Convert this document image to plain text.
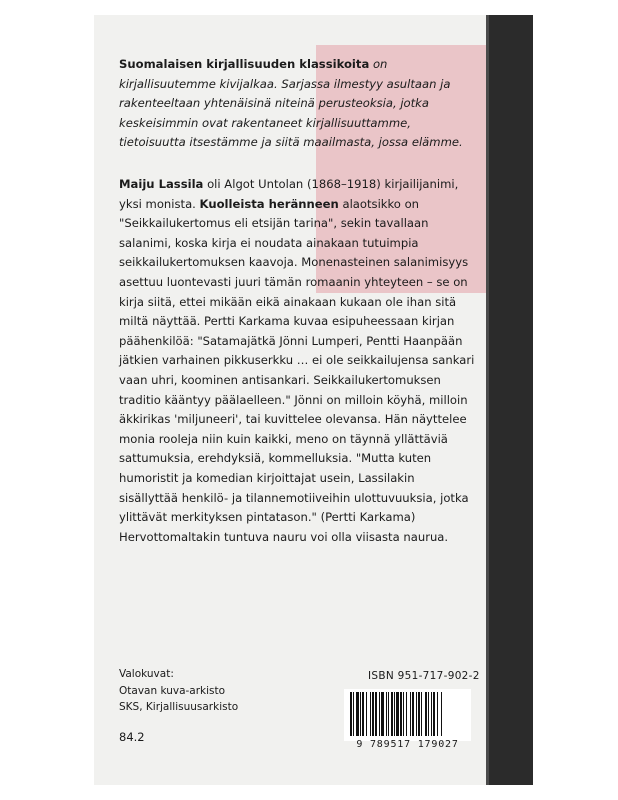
Suomalaisen kirjallisuuden klassikoita on kirjallisuutemme kivijalkaa. Sarjassa ilmestyy asultaan ja rakenteeltaan yhtenäisinä niteinä perusteoksia, jotka keskeisimmin ovat rakentaneet kirjallisuuttamme, tietoisuutta itsestämme ja siitä maailmasta, jossa elämme.

Maiju Lassila oli Algot Untolan (1868–1918) kirjailijanimi, yksi monista. Kuolleista heränneen alaotsikko on "Seikkailukertomus eli etsijän tarina", sekin tavallaan salanimi, koska kirja ei noudata ainakaan tutuimpia seikkailukertomuksen kaavoja. Monenasteinen salanimisyys asettuu luontevasti juuri tämän romaanin yhteyteen – se on kirja siitä, ettei mikään eikä ainakaan kukaan ole ihan sitä miltä näyttää. Pertti Karkama kuvaa esipuheessaan kirjan päähenkilöä: "Satamajätkä Jönni Lumperi, Pentti Haanpään jätkien varhainen pikkuserkku … ei ole seikkailujensa sankari vaan uhri, koominen antisankari. Seikkailukertomuksen traditio kääntyy päälaelleen." Jönni on milloin köyhä, milloin äkkirikas 'miljuneeri', tai kuvittelee olevansa. Hän näyttelee monia rooleja niin kuin kaikki, meno on täynnä yllättäviä sattumuksia, erehdyksiä, kommelluksia. "Mutta kuten humoristit ja komedian kirjoittajat usein, Lassilakin sisällyttää henkilö- ja tilannemotiiveihin ulottuvuuksia, jotka ylittävät merkityksen pintatason." (Pertti Karkama) Hervottomaltakin tuntuva nauru voi olla viisasta naurua.

Valokuvat:
Otavan kuva-arkisto
SKS, Kirjallisuusarkisto
84.2
ISBN 951-717-902-2
9 789517 179027
